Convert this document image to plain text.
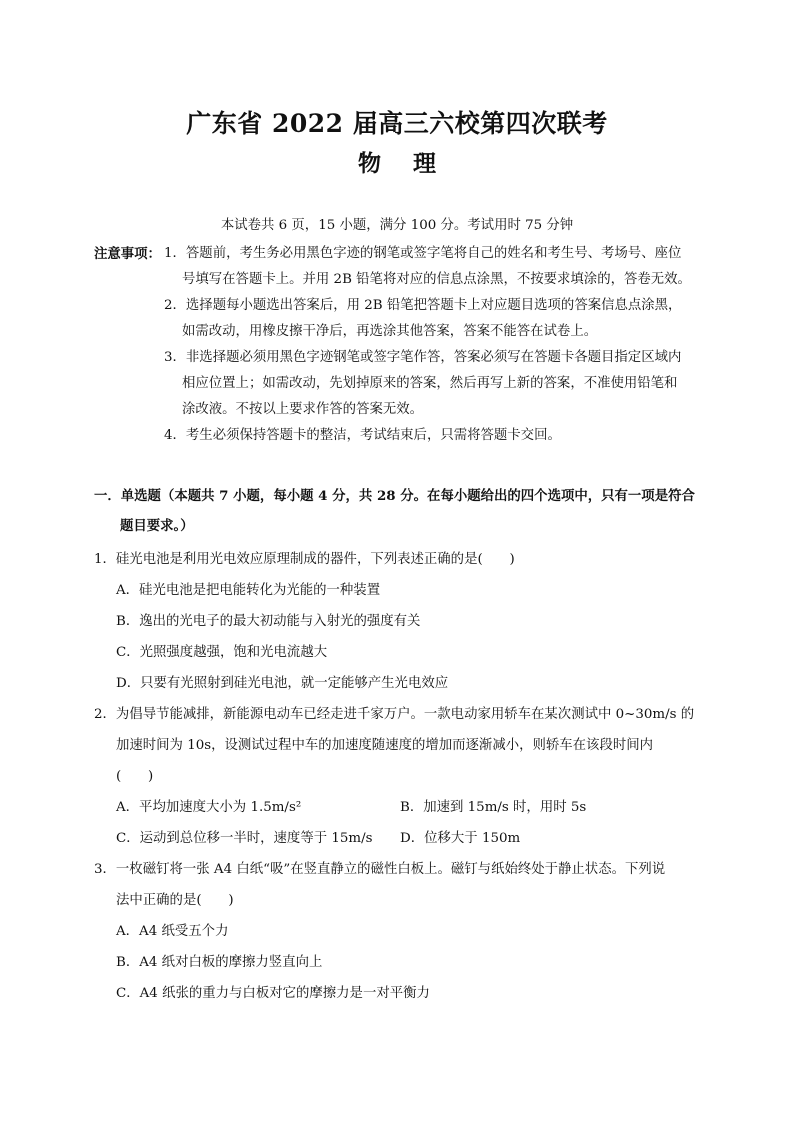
广东省 2022 届高三六校第四次联考
物    理
本试卷共 6 页，15 小题，满分 100 分。考试用时 75 分钟
注意事项： 1．答题前，考生务必用黑色字迹的钢笔或签字笔将自己的姓名和考生号、考场号、座位
号填写在答题卡上。并用 2B 铅笔将对应的信息点涂黑，不按要求填涂的，答卷无效。
2．选择题每小题选出答案后，用 2B 铅笔把答题卡上对应题目选项的答案信息点涂黑，
如需改动，用橡皮擦干净后，再选涂其他答案，答案不能答在试卷上。
3．非选择题必须用黑色字迹钢笔或签字笔作答，答案必须写在答题卡各题目指定区域内
相应位置上；如需改动，先划掉原来的答案，然后再写上新的答案，不准使用铅笔和
涂改液。不按以上要求作答的答案无效。
4．考生必须保持答题卡的整洁，考试结束后，只需将答题卡交回。
一．单选题（本题共 7 小题，每小题 4 分，共 28 分。在每小题给出的四个选项中，只有一项是符合
题目要求。）
1．硅光电池是利用光电效应原理制成的器件，下列表述正确的是(　　)
A．硅光电池是把电能转化为光能的一种装置
B．逸出的光电子的最大初动能与入射光的强度有关
C．光照强度越强，饱和光电流越大
D．只要有光照射到硅光电池，就一定能够产生光电效应
2．为倡导节能减排，新能源电动车已经走进千家万户。一款电动家用轿车在某次测试中 0~30m/s 的
加速时间为 10s，设测试过程中车的加速度随速度的增加而逐渐减小，则轿车在该段时间内
(　　)
A．平均加速度大小为 1.5m/s²	B．加速到 15m/s 时，用时 5s
C．运动到总位移一半时，速度等于 15m/s D．位移大于 150m
3．一枚磁钉将一张 A4 白纸“吸”在竖直静立的磁性白板上。磁钉与纸始终处于静止状态。下列说
法中正确的是(　　)
A．A4 纸受五个力
B．A4 纸对白板的摩擦力竖直向上
C．A4 纸张的重力与白板对它的摩擦力是一对平衡力
